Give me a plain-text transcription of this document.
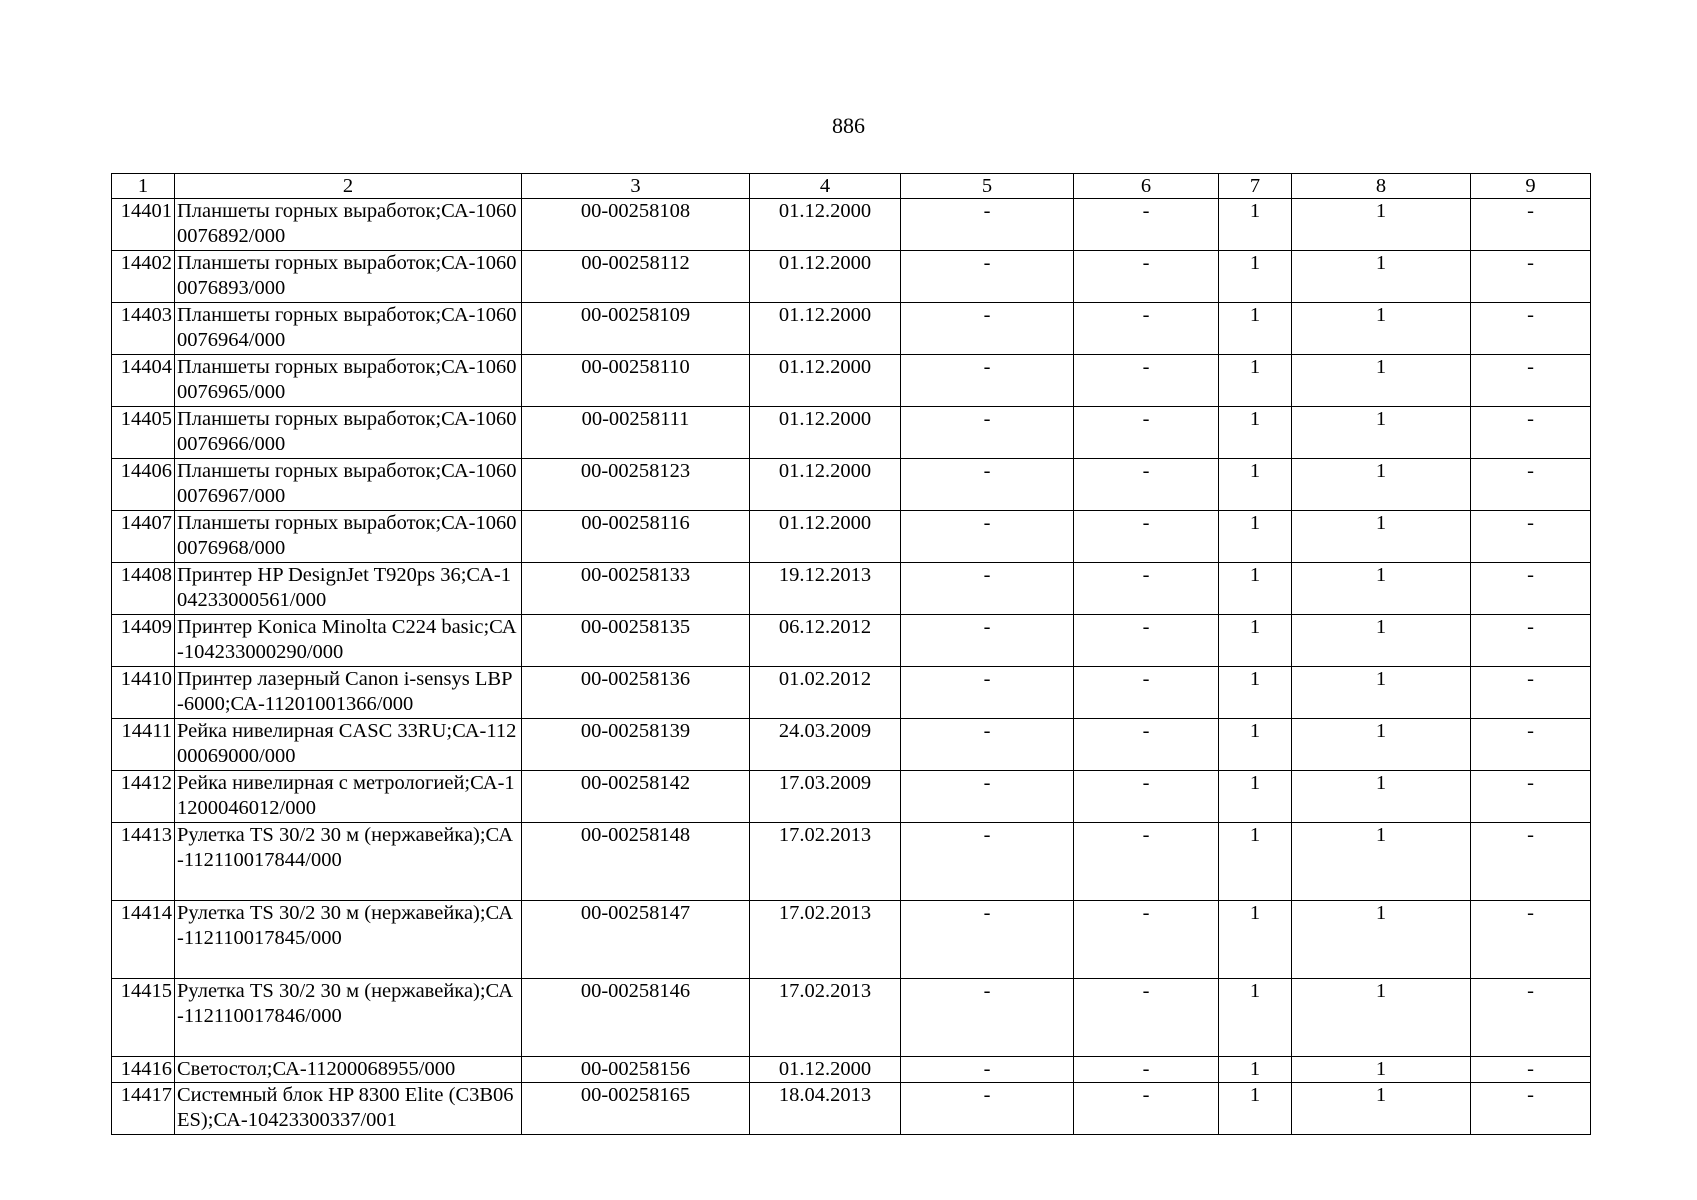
886
1	2	3	4	5	6	7	8	9
14401	Планшеты горных выработок;СА-10600076892/000	00-00258108	01.12.2000	-	-	1	1	-
14402	Планшеты горных выработок;СА-10600076893/000	00-00258112	01.12.2000	-	-	1	1	-
14403	Планшеты горных выработок;СА-10600076964/000	00-00258109	01.12.2000	-	-	1	1	-
14404	Планшеты горных выработок;СА-10600076965/000	00-00258110	01.12.2000	-	-	1	1	-
14405	Планшеты горных выработок;СА-10600076966/000	00-00258111	01.12.2000	-	-	1	1	-
14406	Планшеты горных выработок;СА-10600076967/000	00-00258123	01.12.2000	-	-	1	1	-
14407	Планшеты горных выработок;СА-10600076968/000	00-00258116	01.12.2000	-	-	1	1	-
14408	Принтер HP DesignJet T920ps 36;СА-104233000561/000	00-00258133	19.12.2013	-	-	1	1	-
14409	Принтер Konica Minolta C224 basic;СА-104233000290/000	00-00258135	06.12.2012	-	-	1	1	-
14410	Принтер лазерный Canon i-sensys LBP -6000;СА-11201001366/000	00-00258136	01.02.2012	-	-	1	1	-
14411	Рейка нивелирная CASC 33RU;СА-11200069000/000	00-00258139	24.03.2009	-	-	1	1	-
14412	Рейка нивелирная с метрологией;СА-11200046012/000	00-00258142	17.03.2009	-	-	1	1	-
14413	Рулетка TS 30/2 30 м (нержавейка);СА-112110017844/000	00-00258148	17.02.2013	-	-	1	1	-
14414	Рулетка TS 30/2 30 м (нержавейка);СА-112110017845/000	00-00258147	17.02.2013	-	-	1	1	-
14415	Рулетка TS 30/2 30 м (нержавейка);СА-112110017846/000	00-00258146	17.02.2013	-	-	1	1	-
14416	Светостол;СА-11200068955/000	00-00258156	01.12.2000	-	-	1	1	-
14417	Системный блок HP 8300 Elite (C3B06ES);СА-10423300337/001	00-00258165	18.04.2013	-	-	1	1	-
